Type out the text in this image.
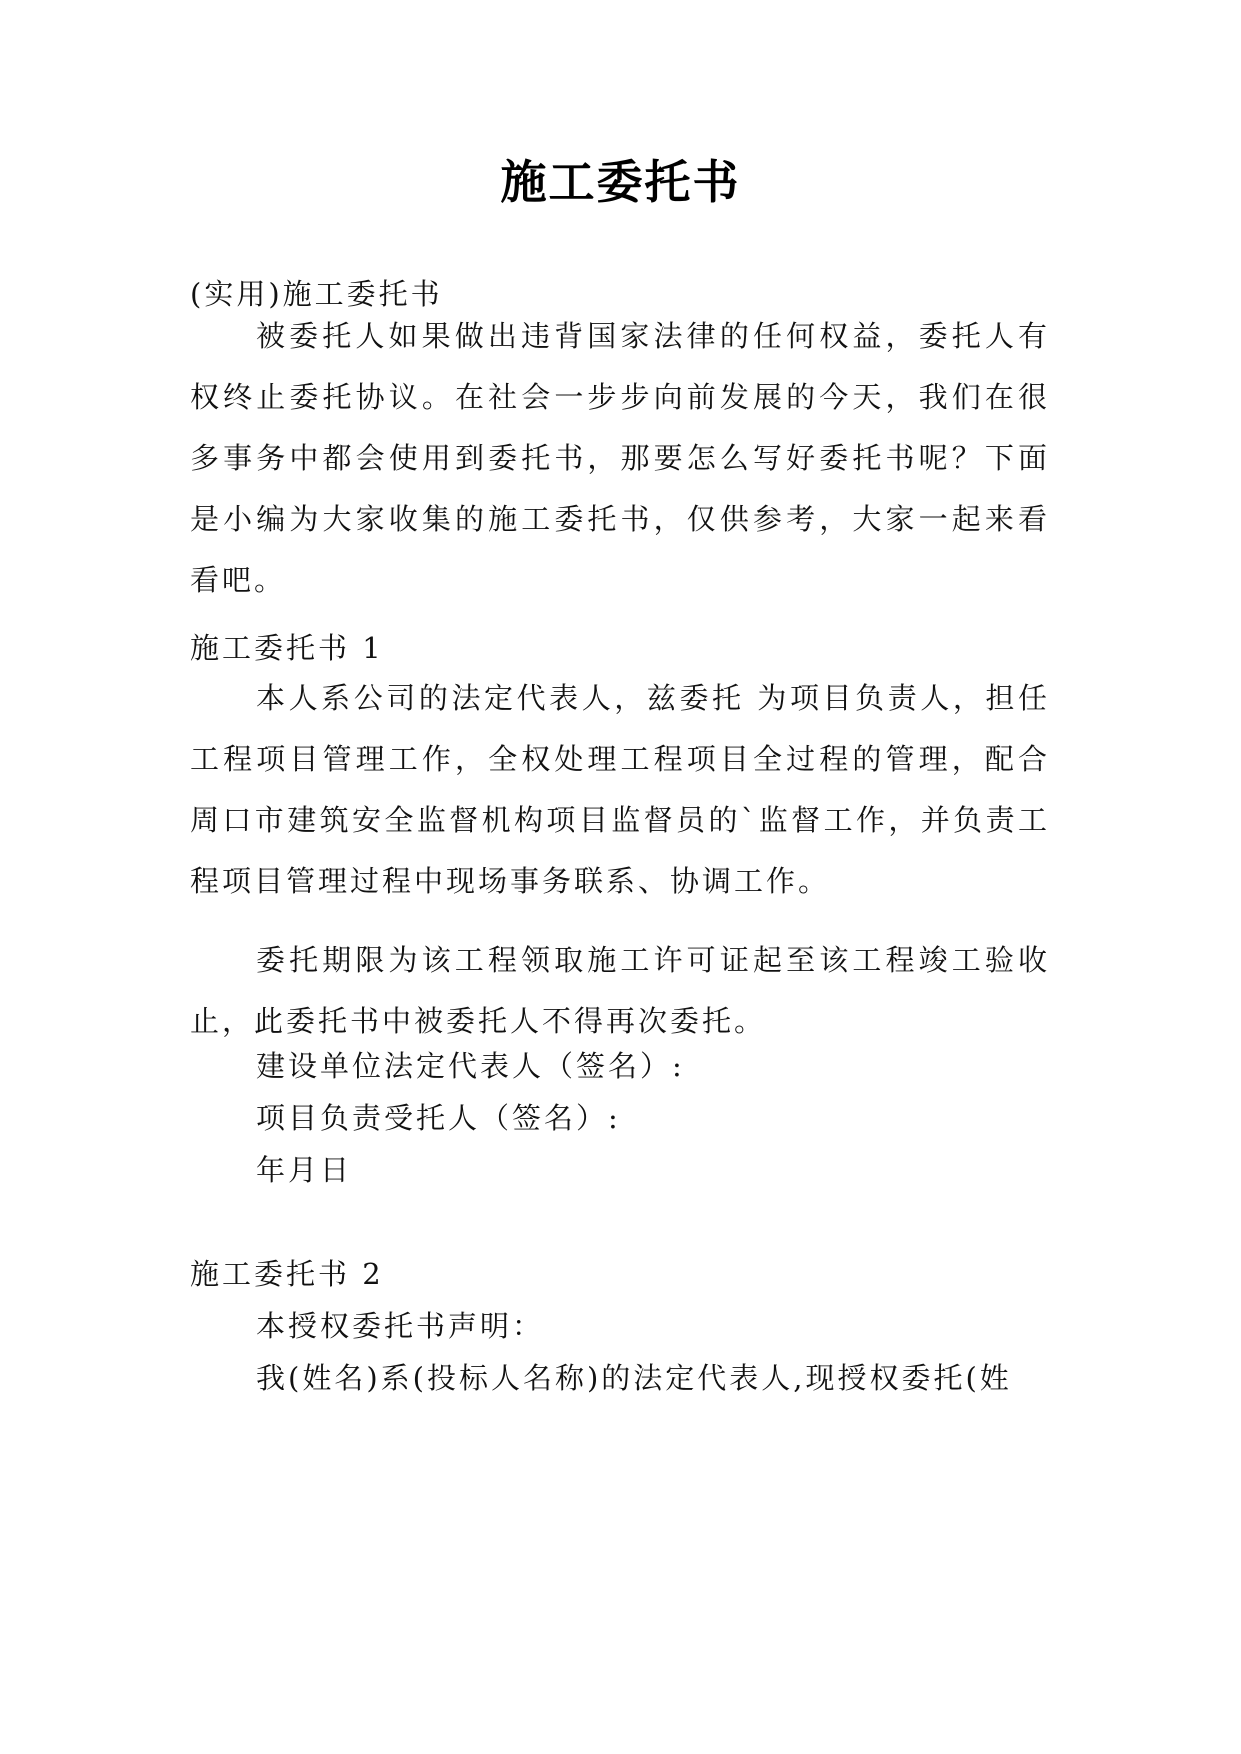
施工委托书
(实用)施工委托书
被委托人如果做出违背国家法律的任何权益，委托人有权终止委托协议。在社会一步步向前发展的今天，我们在很多事务中都会使用到委托书，那要怎么写好委托书呢？下面是小编为大家收集的施工委托书，仅供参考，大家一起来看看吧。
施工委托书 1
本人系公司的法定代表人，兹委托 为项目负责人，担任工程项目管理工作，全权处理工程项目全过程的管理，配合周口市建筑安全监督机构项目监督员的`监督工作，并负责工程项目管理过程中现场事务联系、协调工作。
委托期限为该工程领取施工许可证起至该工程竣工验收止，此委托书中被委托人不得再次委托。
建设单位法定代表人（签名）:
项目负责受托人（签名）:
年月日
施工委托书 2
本授权委托书声明：
我(姓名)系(投标人名称)的法定代表人,现授权委托(姓
